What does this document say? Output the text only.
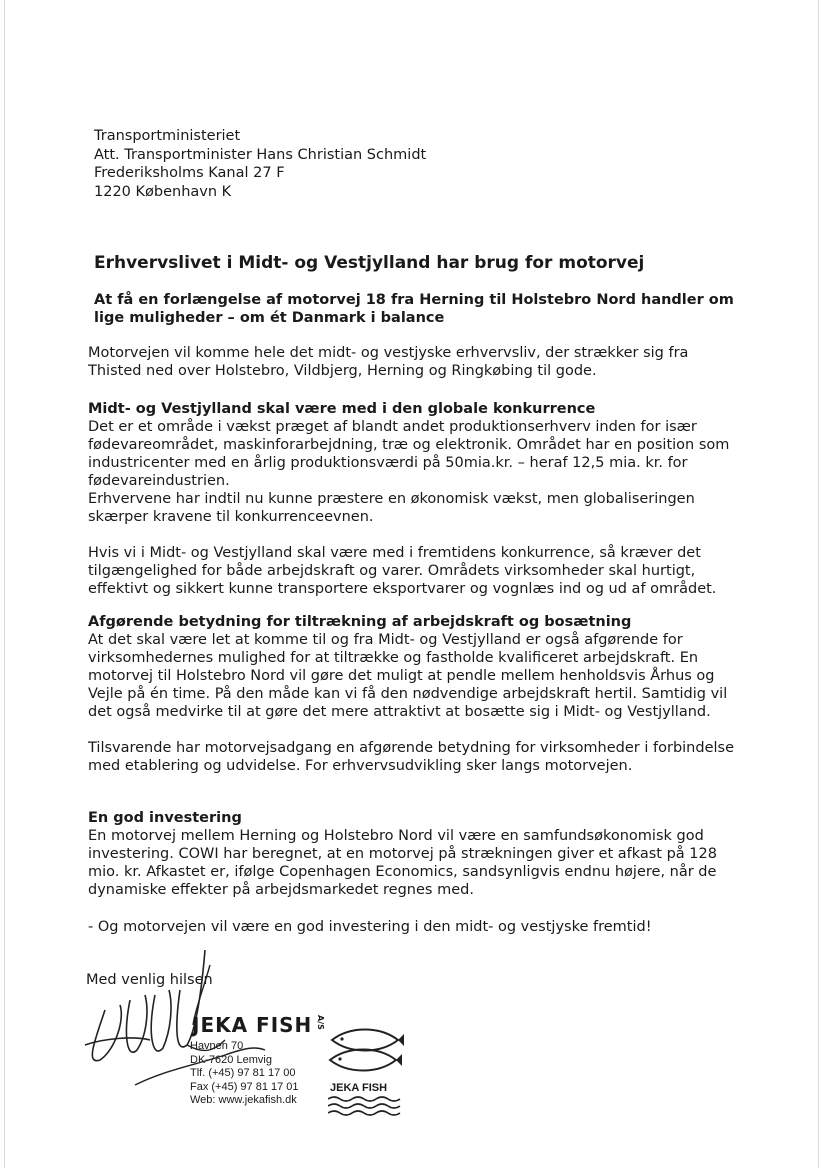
Transportministeriet
Att. Transportminister Hans Christian Schmidt
Frederiksholms Kanal 27 F
1220 København K
Erhvervslivet i Midt- og Vestjylland har brug for motorvej
At få en forlængelse af motorvej 18 fra Herning til Holstebro Nord handler om lige muligheder – om ét Danmark i balance

Motorvejen vil komme hele det midt- og vestjyske erhvervsliv, der strækker sig fra Thisted ned over Holstebro, Vildbjerg, Herning og Ringkøbing til gode.

Midt- og Vestjylland skal være med i den globale konkurrence

Det er et område i vækst præget af blandt andet produktionserhverv inden for især fødevareområdet, maskinforarbejdning, træ og elektronik. Området har en position som industricenter med en årlig produktionsværdi på 50mia.kr. – heraf 12,5 mia. kr. for fødevareindustrien.

Erhvervene har indtil nu kunne præstere en økonomisk vækst, men globaliseringen skærper kravene til konkurrenceevnen.

Hvis vi i Midt- og Vestjylland skal være med i fremtidens konkurrence, så kræver det tilgængelighed for både arbejdskraft og varer. Områdets virksomheder skal hurtigt, effektivt og sikkert kunne transportere eksportvarer og vognlæs ind og ud af området.

Afgørende betydning for tiltrækning af arbejdskraft og bosætning

At det skal være let at komme til og fra Midt- og Vestjylland er også afgørende for virksomhedernes mulighed for at tiltrække og fastholde kvalificeret arbejdskraft. En motorvej til Holstebro Nord vil gøre det muligt at pendle mellem henholdsvis Århus og Vejle på én time. På den måde kan vi få den nødvendige arbejdskraft hertil. Samtidig vil det også medvirke til at gøre det mere attraktivt at bosætte sig i Midt- og Vestjylland.

Tilsvarende har motorvejsadgang en afgørende betydning for virksomheder i forbindelse med etablering og udvidelse. For erhvervsudvikling sker langs motorvejen.

En god investering

En motorvej mellem Herning og Holstebro Nord vil være en samfundsøkonomisk god investering. COWI har beregnet, at en motorvej på strækningen giver et afkast på 128 mio. kr. Afkastet er, ifølge Copenhagen Economics, sandsynligvis endnu højere, når de dynamiske effekter på arbejdsmarkedet regnes med.

- Og motorvejen vil være en god investering i den midt- og vestjyske fremtid!

Med venlig hilsen
JEKA FISH A/S
Havnen 70
DK-7620 Lemvig
Tlf. (+45) 97 81 17 00
Fax (+45) 97 81 17 01
Web: www.jekafish.dk
JEKA FISH
